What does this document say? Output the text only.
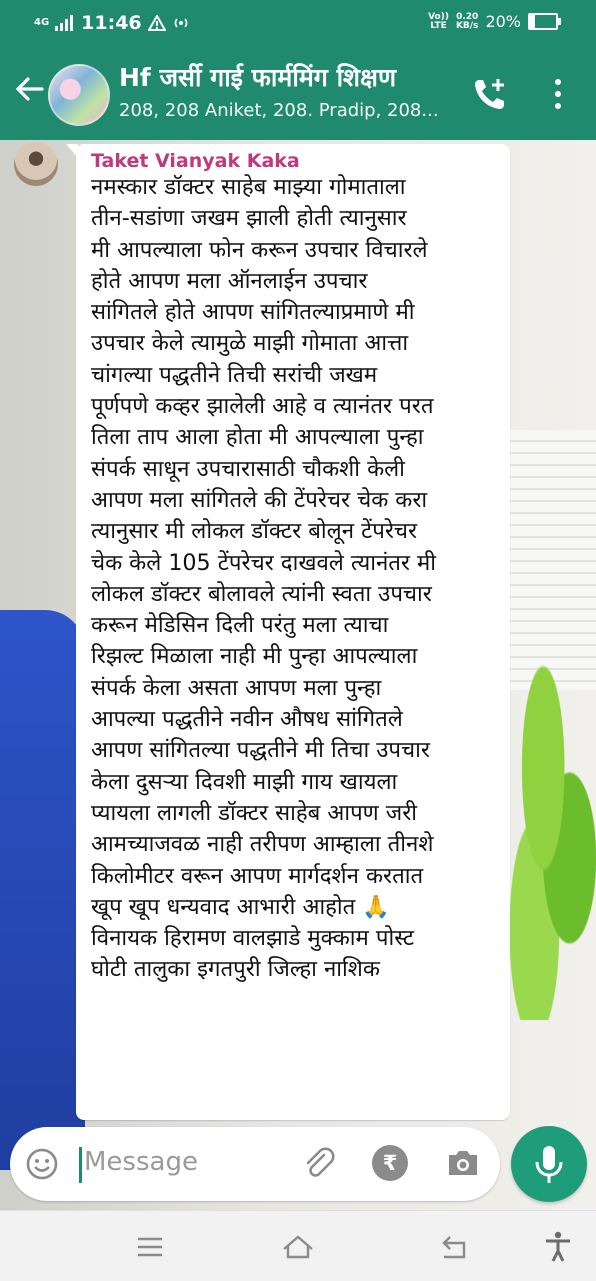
4G 11:46	Vo))
LTE
0.20
KB/s 20%
Hf जर्सी गाई फार्ममिंग शिक्षण
208, 208 Aniket, 208. Pradip, 208...
Taket Vianyak Kaka
नमस्कार डॉक्टर साहेब माझ्या गोमाताला
तीन-सडांणा जखम झाली होती त्यानुसार
मी आपल्याला फोन करून उपचार विचारले
होते आपण मला ऑनलाईन उपचार
सांगितले होते आपण सांगितल्याप्रमाणे मी
उपचार केले त्यामुळे माझी गोमाता आत्ता
चांगल्या पद्धतीने तिची सरांची जखम
पूर्णपणे कव्हर झालेली आहे व त्यानंतर परत
तिला ताप आला होता मी आपल्याला पुन्हा
संपर्क साधून उपचारासाठी चौकशी केली
आपण मला सांगितले की टेंपरेचर चेक करा
त्यानुसार मी लोकल डॉक्टर बोलून टेंपरेचर
चेक केले 105 टेंपरेचर दाखवले त्यानंतर मी
लोकल डॉक्टर बोलावले त्यांनी स्वता उपचार
करून मेडिसिन दिली परंतु मला त्याचा
रिझल्ट मिळाला नाही मी पुन्हा आपल्याला
संपर्क केला असता आपण मला पुन्हा
आपल्या पद्धतीने नवीन औषध सांगितले
आपण सांगितल्या पद्धतीने मी तिचा उपचार
केला दुसऱ्या दिवशी माझी गाय खायला
प्यायला लागली डॉक्टर साहेब आपण जरी
आमच्याजवळ नाही तरीपण आम्हाला तीनशे
किलोमीटर वरून आपण मार्गदर्शन करतात
खूप खूप धन्यवाद आभारी आहोत 🙏
विनायक हिरामण वालझाडे मुक्काम पोस्ट
घोटी तालुका इगतपुरी जिल्हा नाशिक
Message	₹
